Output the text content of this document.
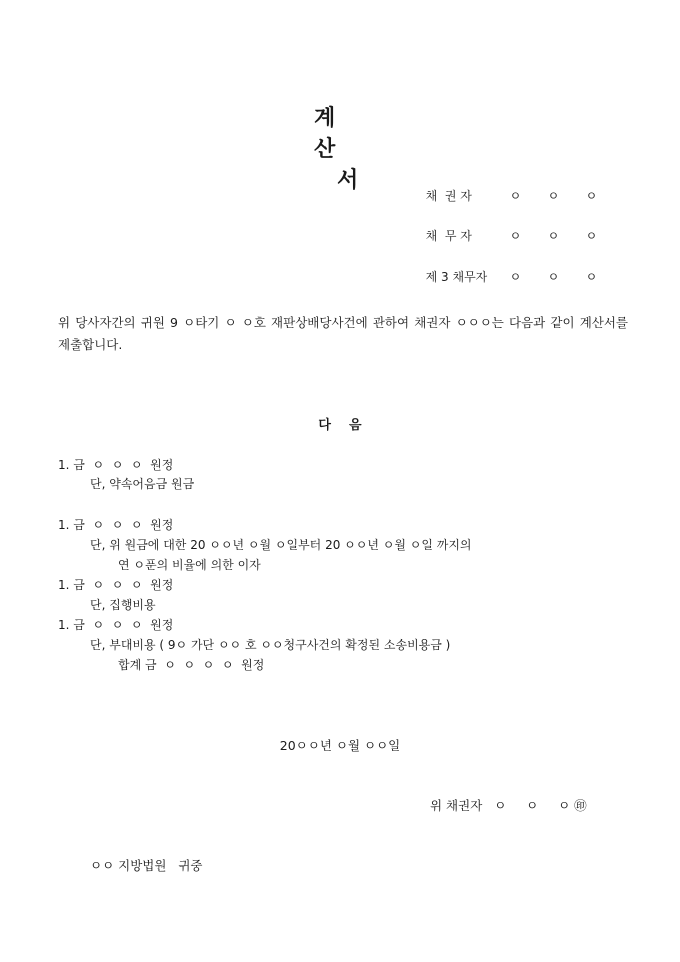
계
산
서

채  권 자	ㅇ ㅇ ㅇ

채  무 자	ㅇ ㅇ ㅇ

제 3 채무자 ㅇ ㅇ ㅇ

위 당사자간의 귀원 9 ㅇ타기 ㅇ ㅇ호 재판상배당사건에 관하여 채권자 ㅇㅇㅇ는 다음과 같이 계산서를 제출합니다.
다    음
1. 금  ㅇ  ㅇ  ㅇ  원정
단, 약속어음금 원금
1. 금  ㅇ  ㅇ  ㅇ  원정
단, 위 원금에 대한 20 ㅇㅇ년 ㅇ월 ㅇ일부터 20 ㅇㅇ년 ㅇ월 ㅇ일 까지의
연 ㅇ푼의 비율에 의한 이자
1. 금  ㅇ  ㅇ  ㅇ  원정
단, 집행비용
1. 금  ㅇ  ㅇ  ㅇ  원정
단, 부대비용 ( 9ㅇ 가단 ㅇㅇ 호 ㅇㅇ청구사건의 확정된 소송비용금 )
합계 금  ㅇ  ㅇ  ㅇ  ㅇ  원정
20ㅇㅇ년 ㅇ월 ㅇㅇ일
위 채권자   ㅇ     ㅇ     ㅇ ㊞
ㅇㅇ 지방법원   귀중
